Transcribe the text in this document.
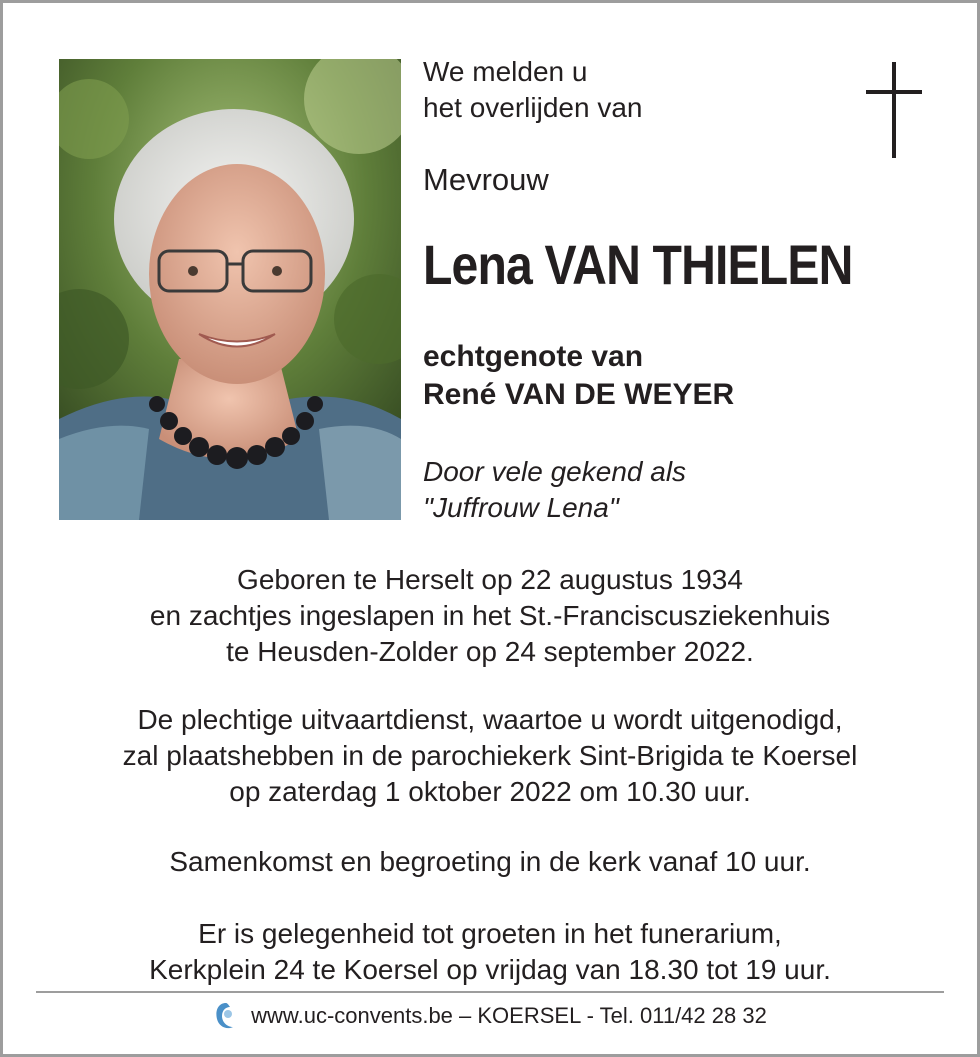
We melden u
het overlijden van
Mevrouw
Lena VAN THIELEN
echtgenote van
René VAN DE WEYER
Door vele gekend als
"Juffrouw Lena"
Geboren te Herselt op 22 augustus 1934
en zachtjes ingeslapen in het St.-Franciscusziekenhuis
te Heusden-Zolder op 24 september 2022.
De plechtige uitvaartdienst, waartoe u wordt uitgenodigd,
zal plaatshebben in de parochiekerk Sint-Brigida te Koersel
op zaterdag 1 oktober 2022 om 10.30 uur.
Samenkomst en begroeting in de kerk vanaf 10 uur.
Er is gelegenheid tot groeten in het funerarium,
Kerkplein 24 te Koersel op vrijdag van 18.30 tot 19 uur.
www.uc-convents.be – KOERSEL - Tel. 011/42 28 32
